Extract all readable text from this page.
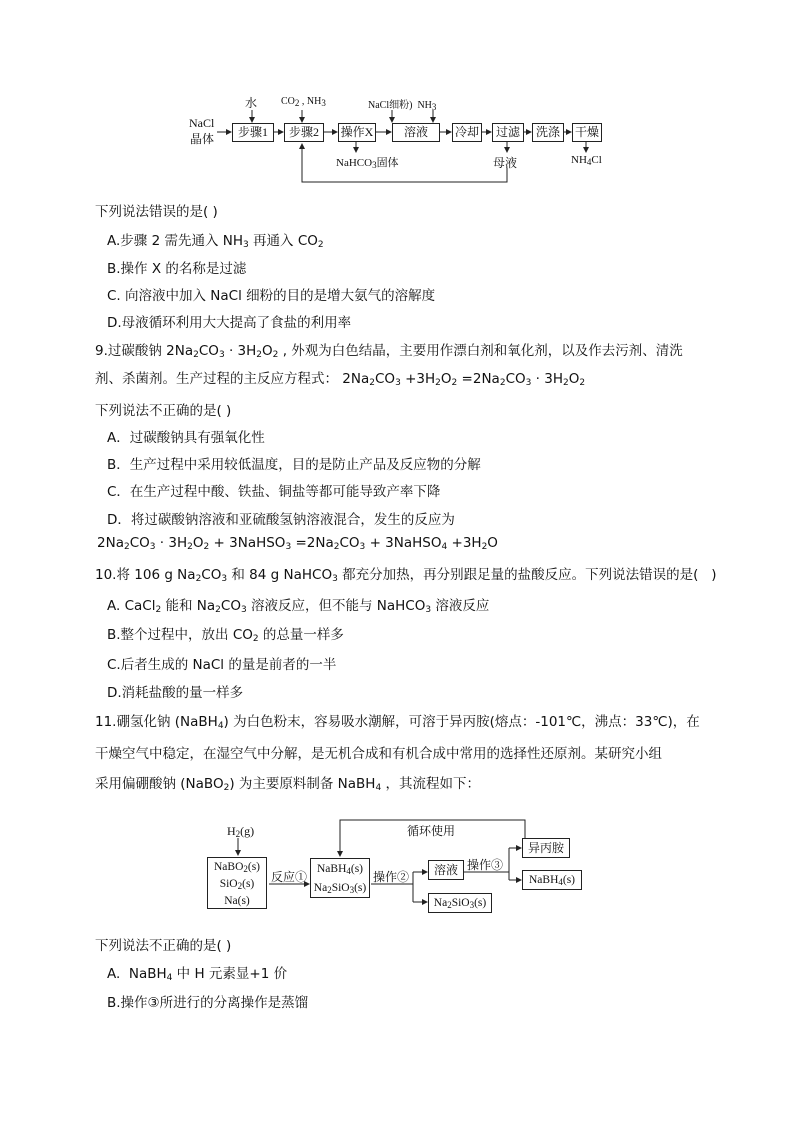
步骤1	步骤2	操作X	溶液	冷却	过滤	洗涤	干燥
NaCl
晶体
水 $CO_2$ , $NH_3$	NaCl细粉)  $NH_3$
NaHCO$_3$固体	母液	$NH_4Cl$
下列说法错误的是( )
A.步骤 2 需先通入 $NH_3$ 再通入 $CO_2$
B.操作 X 的名称是过滤
C. 向溶液中加入 NaCl 细粉的目的是增大氨气的溶解度
D.母液循环利用大大提高了食盐的利用率
9.过碳酸钠 $2Na_2CO_3 \cdot 3H_2O_2$ , 外观为白色结晶，主要用作漂白剂和氧化剂，以及作去污剂、清洗
剂、杀菌剂。生产过程的主反应方程式： $2Na_2CO_3 +3H_2O_2 =2Na_2CO_3 \cdot 3H_2O_2$
下列说法不正确的是( )
A．过碳酸钠具有强氧化性
B．生产过程中采用较低温度，目的是防止产品及反应物的分解
C．在生产过程中酸、铁盐、铜盐等都可能导致产率下降
D．将过碳酸钠溶液和亚硫酸氢钠溶液混合，发生的反应为
$2Na_2CO_3 \cdot 3H_2O_2$ + 3NaHSO$_3$ $=2Na_2CO_3$ + 3NaHSO$_4$ $+3H_2O$
10.将 106 g $Na_2CO_3$ 和 84 g NaHCO$_3$ 都充分加热，再分别跟足量的盐酸反应。下列说法错误的是(   )
A. CaCl$_2$ 能和 $Na_2CO_3$ 溶液反应，但不能与 NaHCO$_3$ 溶液反应
B.整个过程中，放出 $CO_2$ 的总量一样多
C.后者生成的 NaCl 的量是前者的一半
D.消耗盐酸的量一样多
11.硼氢化钠 (NaBH$_4$) 为白色粉末，容易吸水潮解，可溶于异丙胺(熔点：-101℃，沸点：33℃)，在
干燥空气中稳定，在湿空气中分解，是无机合成和有机合成中常用的选择性还原剂。某研究小组
采用偏硼酸钠 (NaBO$_2$) 为主要原料制备 NaBH$_4$ ，其流程如下：
$H_2(g)$	循环使用
NaBO$_2$(s)
SiO$_2$(s)
Na(s)
反应①
NaBH$_4$(s)
$Na_2SiO_3(s)$
操作②	溶液
$Na_2SiO_3(s)$
操作③
异丙胺
NaBH$_4$(s)
下列说法不正确的是( )
A.  NaBH$_4$ 中 H 元素显+1 价
B.操作③所进行的分离操作是蒸馏
